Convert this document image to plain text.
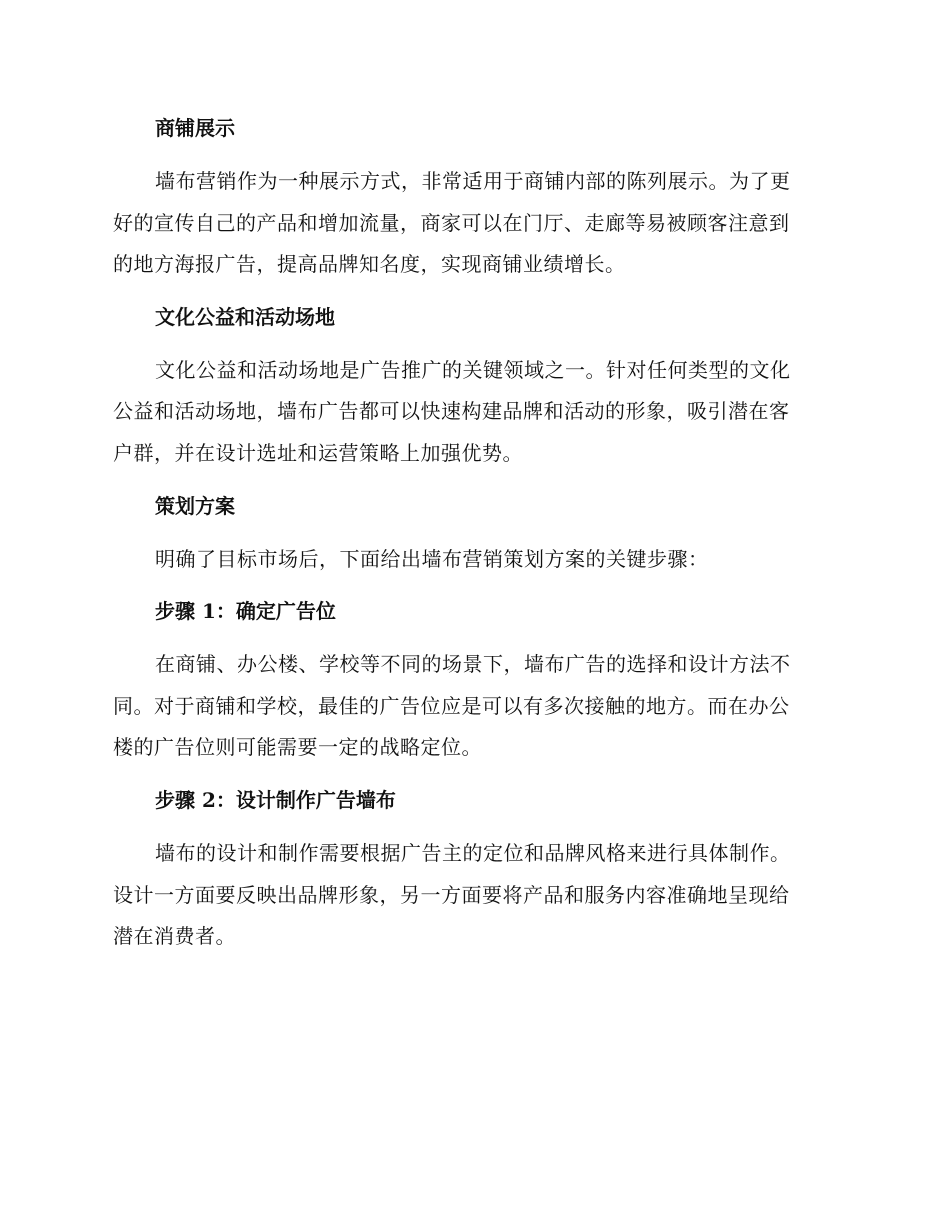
商铺展示
墙布营销作为一种展示方式，非常适用于商铺内部的陈列展示。为了更
好的宣传自己的产品和增加流量，商家可以在门厅、走廊等易被顾客注意到
的地方海报广告，提高品牌知名度，实现商铺业绩增长。
文化公益和活动场地
文化公益和活动场地是广告推广的关键领域之一。针对任何类型的文化
公益和活动场地，墙布广告都可以快速构建品牌和活动的形象，吸引潜在客
户群，并在设计选址和运营策略上加强优势。
策划方案
明确了目标市场后，下面给出墙布营销策划方案的关键步骤：
步骤 1：确定广告位
在商铺、办公楼、学校等不同的场景下，墙布广告的选择和设计方法不
同。对于商铺和学校，最佳的广告位应是可以有多次接触的地方。而在办公
楼的广告位则可能需要一定的战略定位。
步骤 2：设计制作广告墙布
墙布的设计和制作需要根据广告主的定位和品牌风格来进行具体制作。
设计一方面要反映出品牌形象，另一方面要将产品和服务内容准确地呈现给
潜在消费者。
